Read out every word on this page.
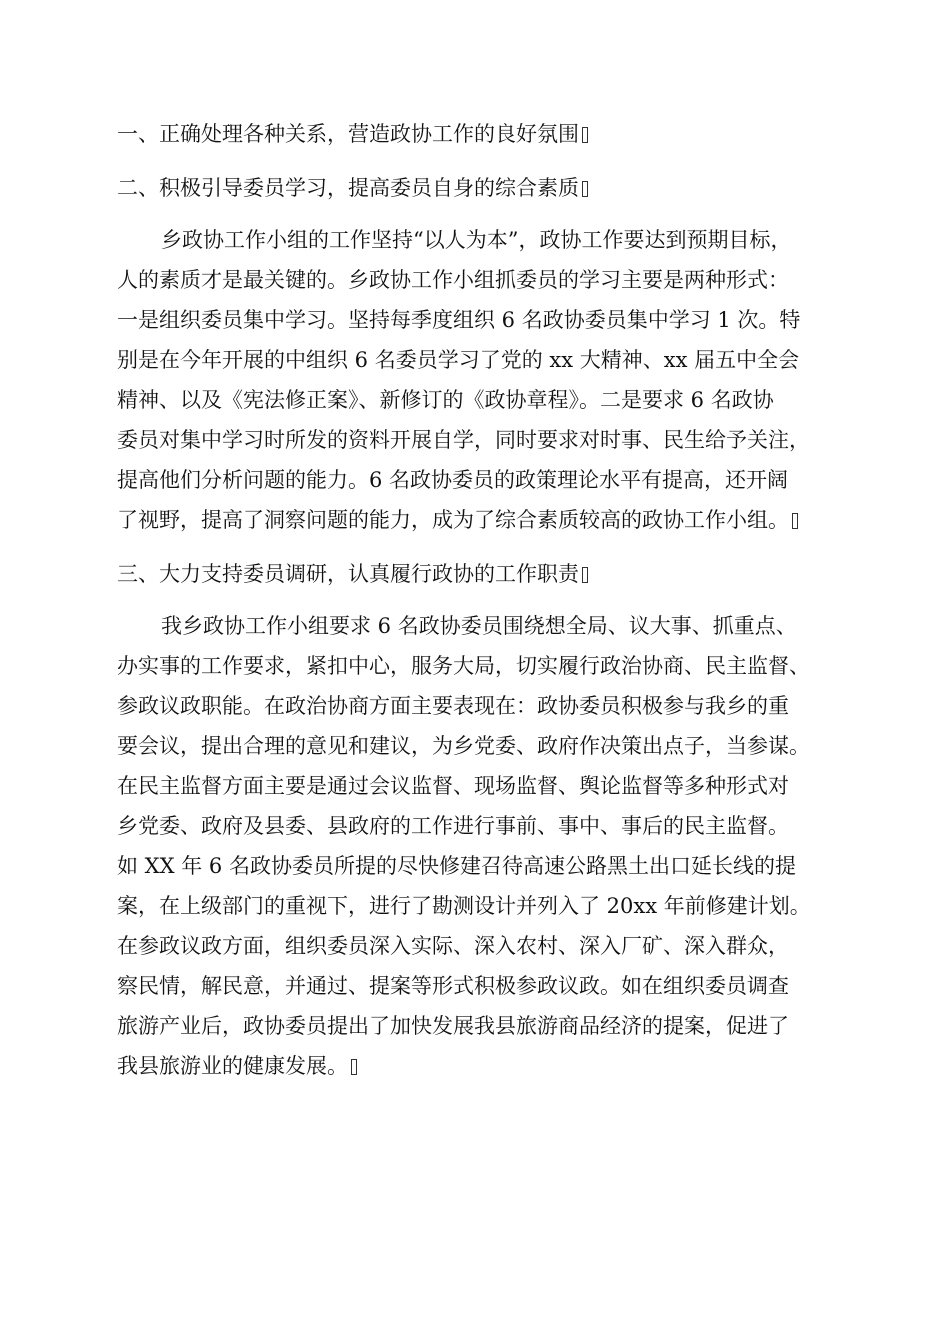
一、正确处理各种关系，营造政协工作的良好氛围
二、积极引导委员学习，提高委员自身的综合素质
乡政协工作小组的工作坚持“以人为本”，政协工作要达到预期目标，
人的素质才是最关键的。乡政协工作小组抓委员的学习主要是两种形式：
一是组织委员集中学习。坚持每季度组织 6 名政协委员集中学习 1 次。特
别是在今年开展的中组织 6 名委员学习了党的 xx 大精神、xx 届五中全会
精神、以及《宪法修正案》、新修订的《政协章程》。二是要求 6 名政协
委员对集中学习时所发的资料开展自学，同时要求对时事、民生给予关注，
提高他们分析问题的能力。6 名政协委员的政策理论水平有提高，还开阔
了视野，提高了洞察问题的能力，成为了综合素质较高的政协工作小组。
三、大力支持委员调研，认真履行政协的工作职责
我乡政协工作小组要求 6 名政协委员围绕想全局、议大事、抓重点、
办实事的工作要求，紧扣中心，服务大局，切实履行政治协商、民主监督、
参政议政职能。在政治协商方面主要表现在：政协委员积极参与我乡的重
要会议，提出合理的意见和建议，为乡党委、政府作决策出点子，当参谋。
在民主监督方面主要是通过会议监督、现场监督、舆论监督等多种形式对
乡党委、政府及县委、县政府的工作进行事前、事中、事后的民主监督。
如 XX 年 6 名政协委员所提的尽快修建召待高速公路黑土出口延长线的提
案，在上级部门的重视下，进行了勘测设计并列入了 20xx 年前修建计划。
在参政议政方面，组织委员深入实际、深入农村、深入厂矿、深入群众，
察民情，解民意，并通过、提案等形式积极参政议政。如在组织委员调查
旅游产业后，政协委员提出了加快发展我县旅游商品经济的提案，促进了
我县旅游业的健康发展。
